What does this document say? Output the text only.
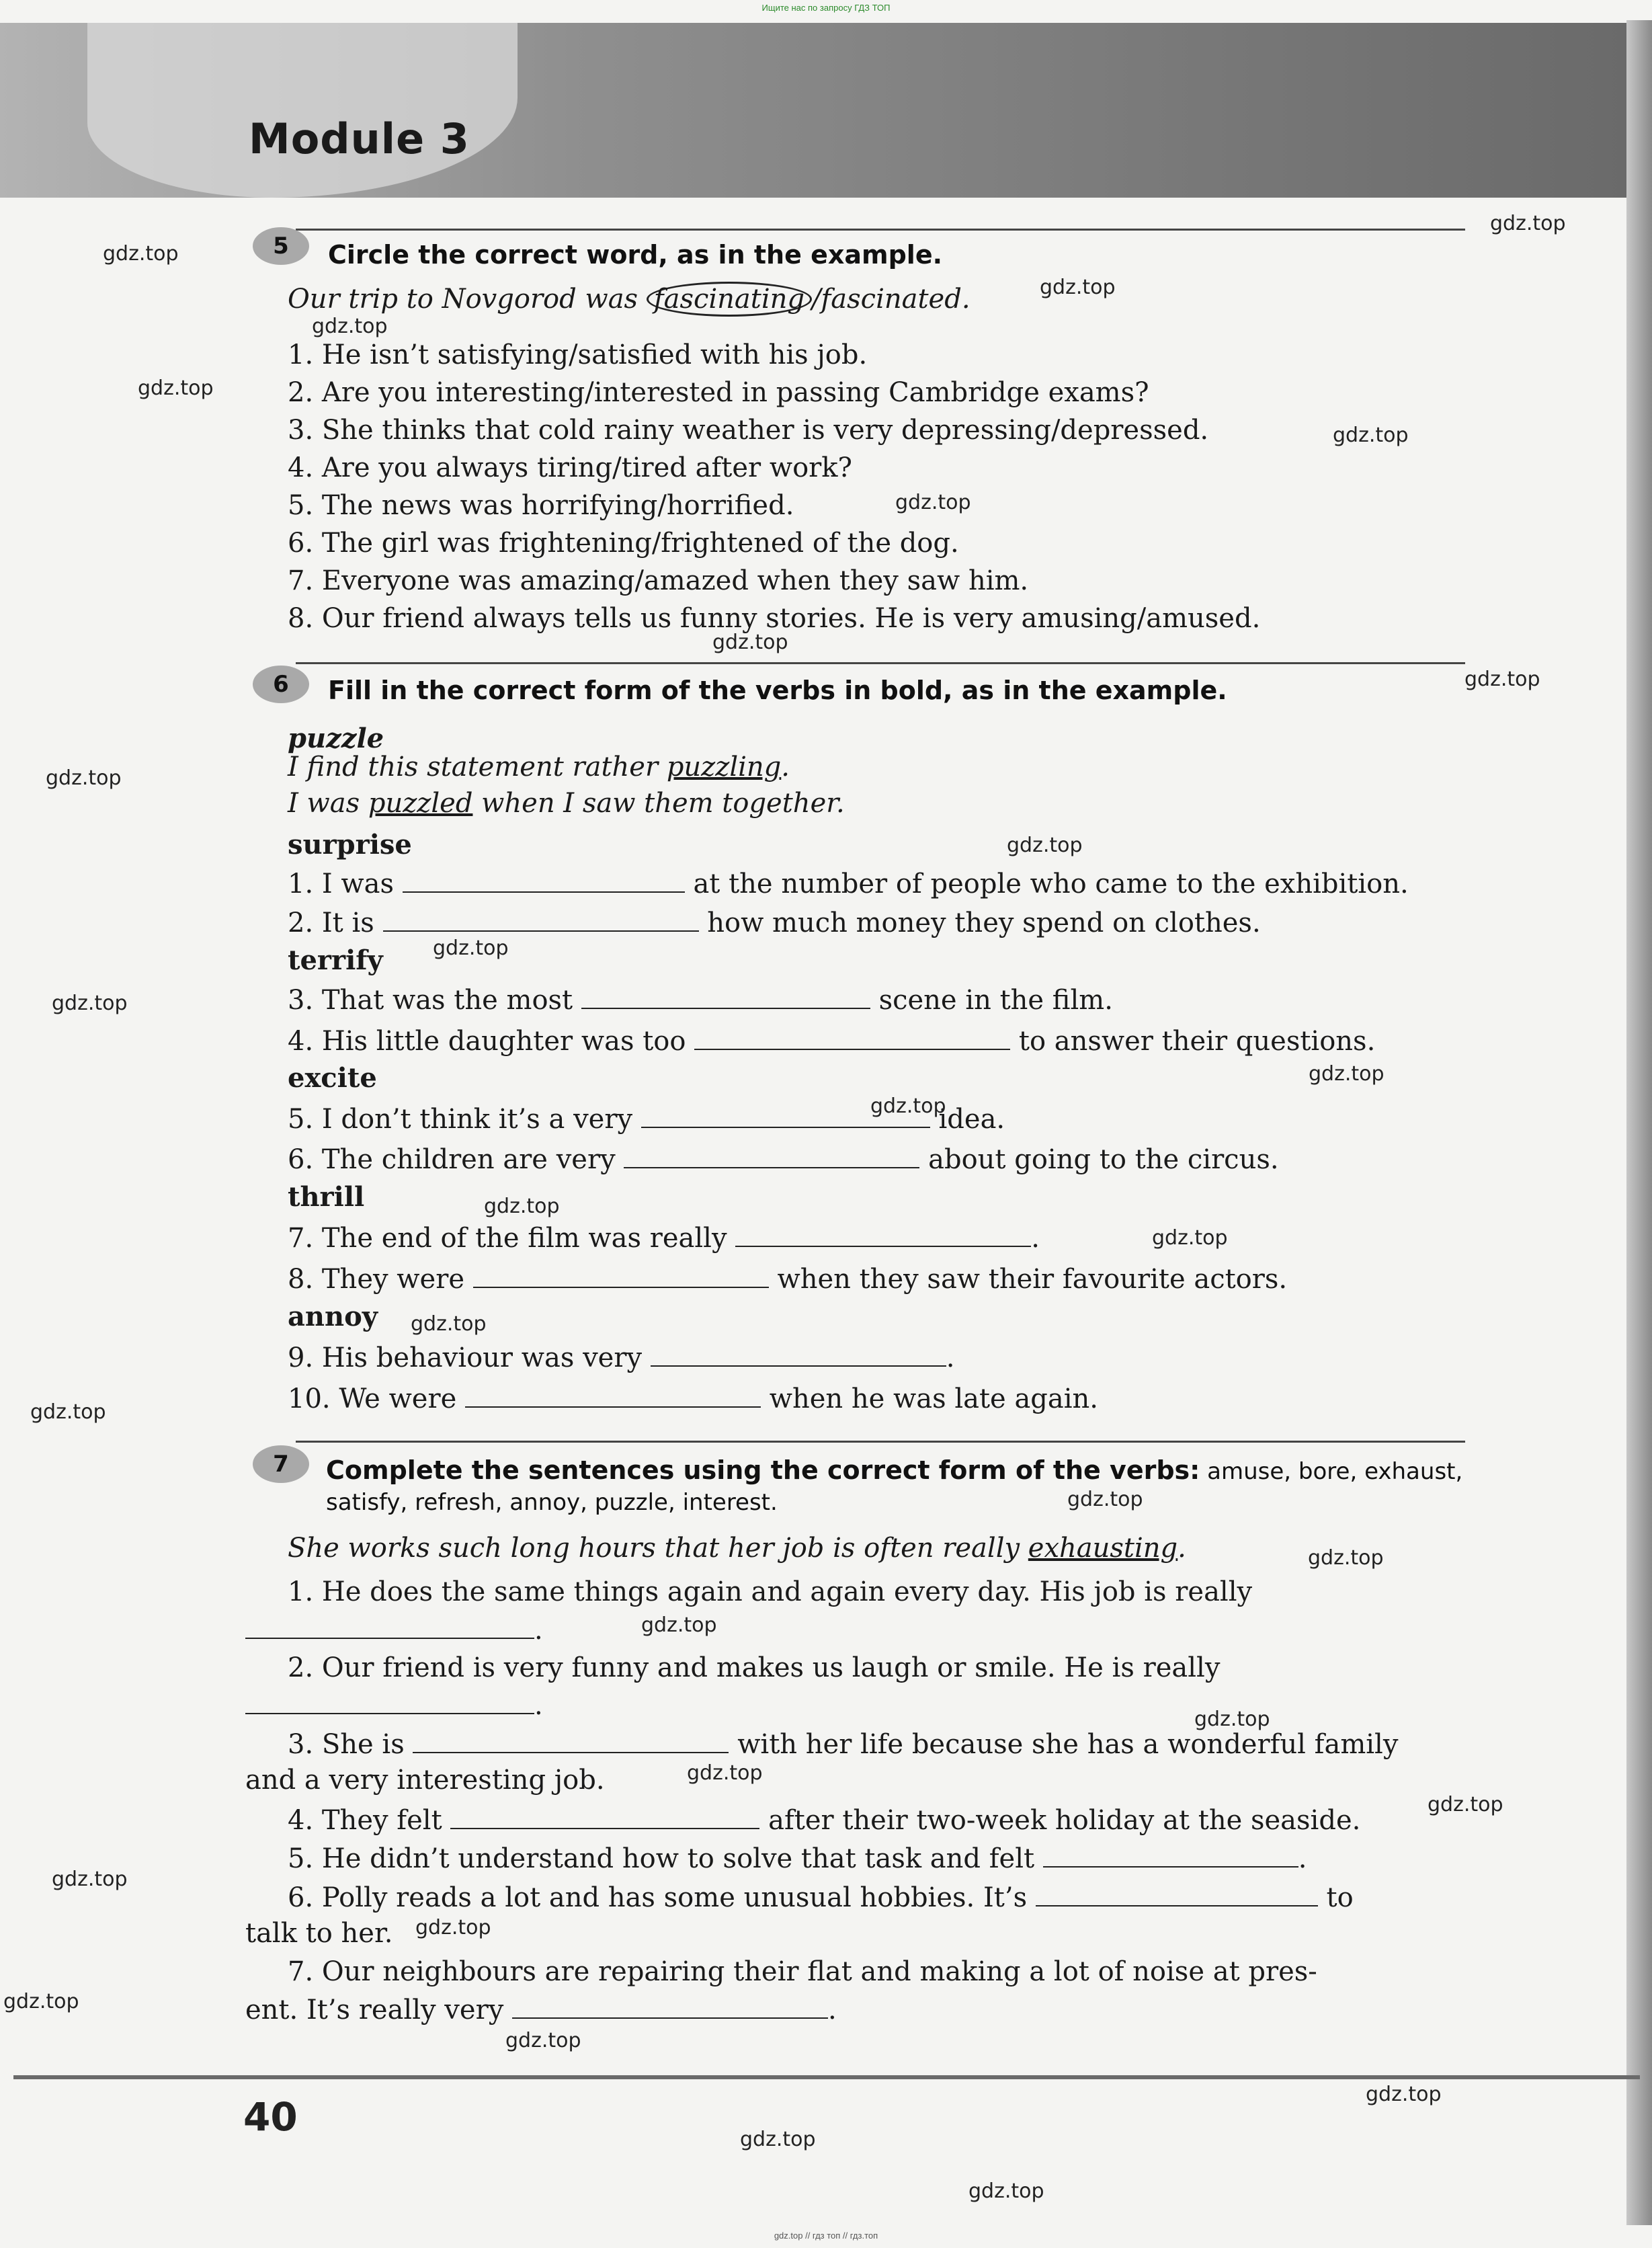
Ищите нас по запросу ГДЗ ТОП
Module 3
5	Circle the correct word, as in the example.
Our trip to Novgorod was fascinating /fascinated.
1. He isn’t satisfying/satisfied with his job.
2. Are you interesting/interested in passing Cambridge exams?
3. She thinks that cold rainy weather is very depressing/depressed.
4. Are you always tiring/tired after work?
5. The news was horrifying/horrified.
6. The girl was frightening/frightened of the dog.
7. Everyone was amazing/amazed when they saw him.
8. Our friend always tells us funny stories. He is very amusing/amused.
6	Fill in the correct form of the verbs in bold, as in the example.
puzzle
I find this statement rather puzzling.
I was puzzled when I saw them together.
surprise
1. I was	at the number of people who came to the exhibition.
2. It is	how much money they spend on clothes.
terrify
3. That was the most	scene in the film.
4. His little daughter was too	to answer their questions.
excite
5. I don’t think it’s a very	idea.
6. The children are very	about going to the circus.
thrill
7. The end of the film was really	.
8. They were	when they saw their favourite actors.
annoy
9. His behaviour was very	.
10. We were	when he was late again.
7	Complete the sentences using the correct form of the verbs: amuse, bore, exhaust,
satisfy, refresh, annoy, puzzle, interest.
She works such long hours that her job is often really exhausting.
1. He does the same things again and again every day. His job is really
.
2. Our friend is very funny and makes us laugh or smile. He is really
.
3. She is	with her life because she has a wonderful family
and a very interesting job.
4. They felt	after their two-week holiday at the seaside.
5. He didn’t understand how to solve that task and felt	.
6. Polly reads a lot and has some unusual hobbies. It’s	to
talk to her.
7. Our neighbours are repairing their flat and making a lot of noise at pres-
ent. It’s really very	.
40
gdz.top
gdz.top
gdz.top
gdz.top
gdz.top
gdz.top
gdz.top
gdz.top
gdz.top
gdz.top
gdz.top
gdz.top
gdz.top
gdz.top
gdz.top
gdz.top
gdz.top
gdz.top
gdz.top
gdz.top
gdz.top
gdz.top
gdz.top
gdz.top
gdz.top
gdz.top
gdz.top
gdz.top
gdz.top
gdz.top
gdz.top
gdz.top
gdz.top // гдз топ // гдз.топ
